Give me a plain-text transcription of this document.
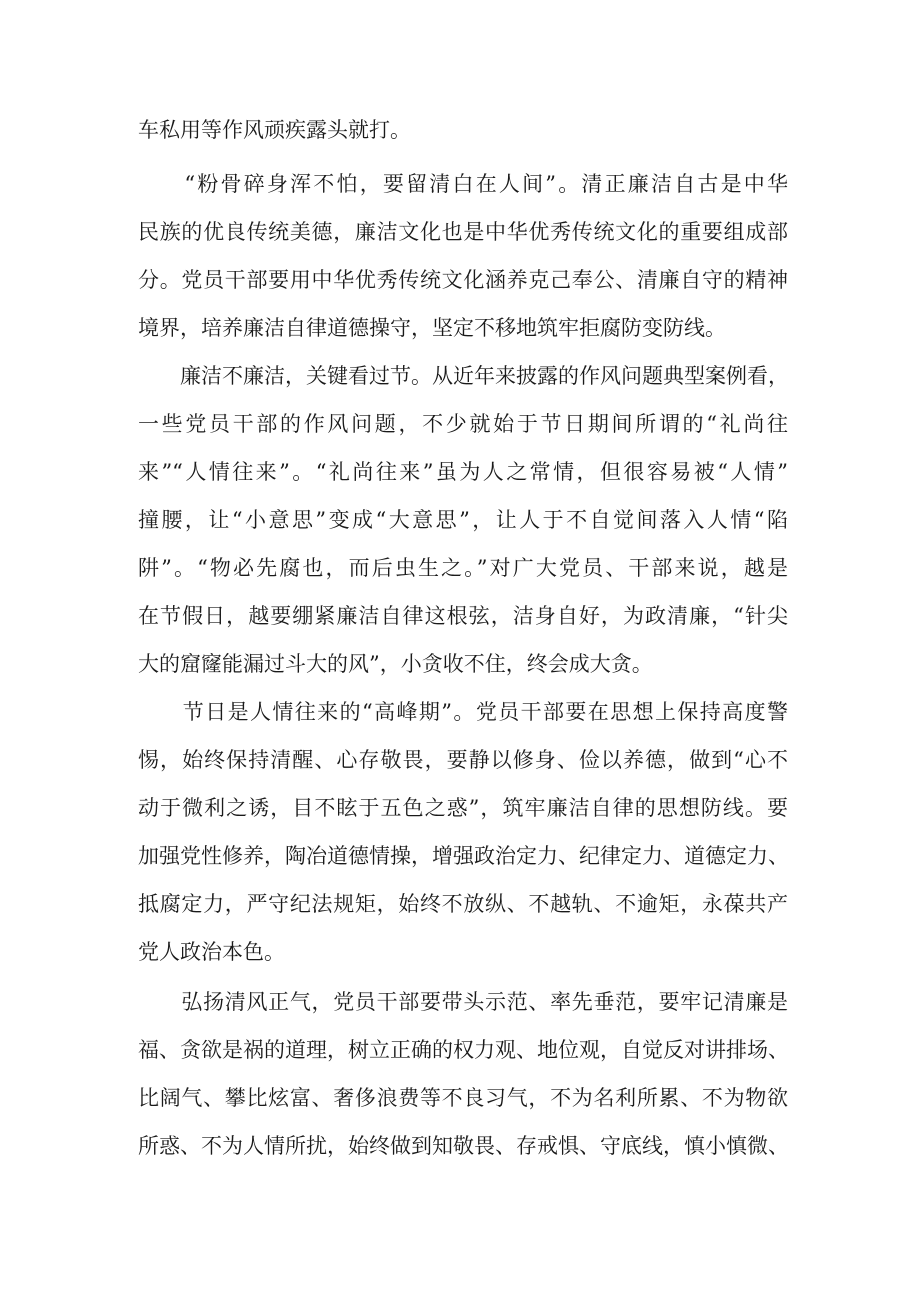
车私用等作风顽疾露头就打。
　　“粉骨碎身浑不怕，要留清白在人间”。清正廉洁自古是中华
民族的优良传统美德，廉洁文化也是中华优秀传统文化的重要组成部
分。党员干部要用中华优秀传统文化涵养克己奉公、清廉自守的精神
境界，培养廉洁自律道德操守，坚定不移地筑牢拒腐防变防线。
　　廉洁不廉洁，关键看过节。从近年来披露的作风问题典型案例看，
一些党员干部的作风问题，不少就始于节日期间所谓的“礼尚往
来”“人情往来”。“礼尚往来”虽为人之常情，但很容易被“人情”
撞腰，让“小意思”变成“大意思”，让人于不自觉间落入人情“陷
阱”。“物必先腐也，而后虫生之。”对广大党员、干部来说，越是
在节假日，越要绷紧廉洁自律这根弦，洁身自好，为政清廉，“针尖
大的窟窿能漏过斗大的风”，小贪收不住，终会成大贪。
　　节日是人情往来的“高峰期”。党员干部要在思想上保持高度警
惕，始终保持清醒、心存敬畏，要静以修身、俭以养德，做到“心不
动于微利之诱，目不眩于五色之惑”，筑牢廉洁自律的思想防线。要
加强党性修养，陶冶道德情操，增强政治定力、纪律定力、道德定力、
抵腐定力，严守纪法规矩，始终不放纵、不越轨、不逾矩，永葆共产
党人政治本色。
　　弘扬清风正气，党员干部要带头示范、率先垂范，要牢记清廉是
福、贪欲是祸的道理，树立正确的权力观、地位观，自觉反对讲排场、
比阔气、攀比炫富、奢侈浪费等不良习气，不为名利所累、不为物欲
所惑、不为人情所扰，始终做到知敬畏、存戒惧、守底线，慎小慎微、
